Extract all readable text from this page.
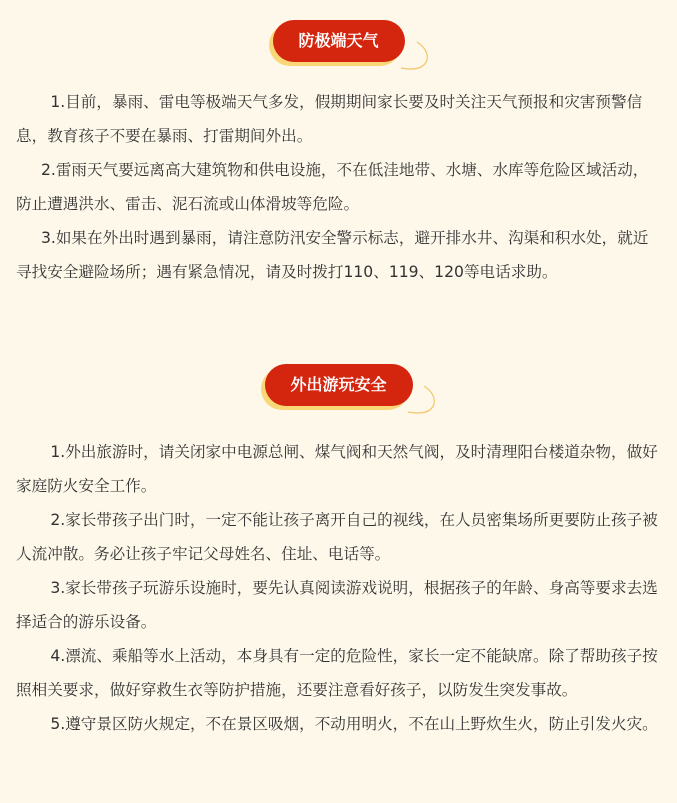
防极端天气

1.目前，暴雨、雷电等极端天气多发，假期期间家长要及时关注天气预报和灾害预警信息，教育孩子不要在暴雨、打雷期间外出。

2.雷雨天气要远离高大建筑物和供电设施，不在低洼地带、水塘、水库等危险区域活动，防止遭遇洪水、雷击、泥石流或山体滑坡等危险。

3.如果在外出时遇到暴雨，请注意防汛安全警示标志，避开排水井、沟渠和积水处，就近寻找安全避险场所；遇有紧急情况，请及时拨打110、119、120等电话求助。

外出游玩安全

1.外出旅游时，请关闭家中电源总闸、煤气阀和天然气阀，及时清理阳台楼道杂物，做好家庭防火安全工作。

2.家长带孩子出门时，一定不能让孩子离开自己的视线，在人员密集场所更要防止孩子被人流冲散。务必让孩子牢记父母姓名、住址、电话等。

3.家长带孩子玩游乐设施时，要先认真阅读游戏说明，根据孩子的年龄、身高等要求去选择适合的游乐设备。

4.漂流、乘船等水上活动，本身具有一定的危险性，家长一定不能缺席。除了帮助孩子按照相关要求，做好穿救生衣等防护措施，还要注意看好孩子，以防发生突发事故。

5.遵守景区防火规定，不在景区吸烟，不动用明火，不在山上野炊生火，防止引发火灾。
